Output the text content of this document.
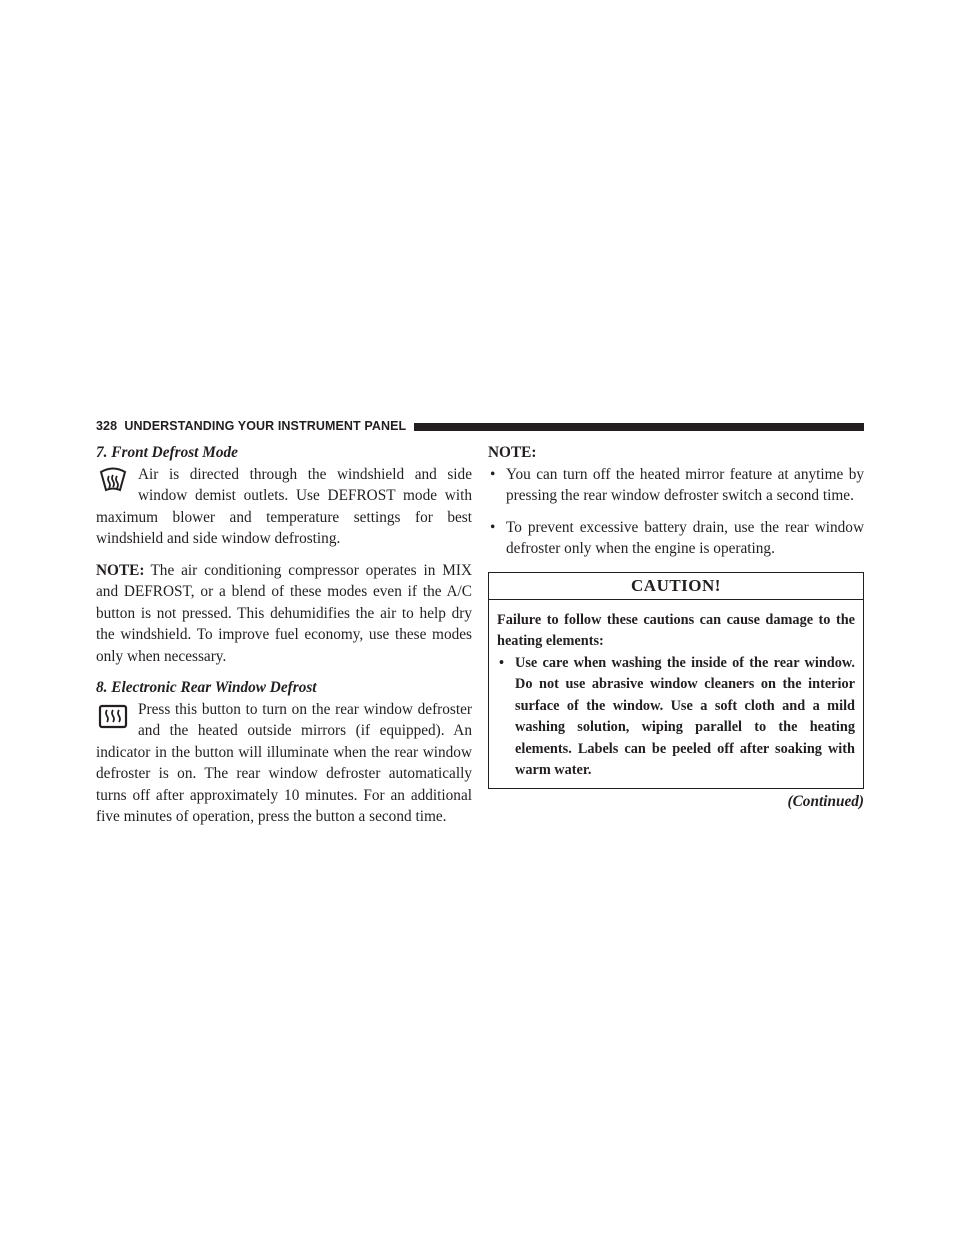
328 UNDERSTANDING YOUR INSTRUMENT PANEL

7. Front Defrost Mode

Air is directed through the windshield and side window demist outlets. Use DEFROST mode with maximum blower and temperature settings for best windshield and side window defrosting.

NOTE: The air conditioning compressor operates in MIX and DEFROST, or a blend of these modes even if the A/C button is not pressed. This dehumidifies the air to help dry the windshield. To improve fuel economy, use these modes only when necessary.

8. Electronic Rear Window Defrost

Press this button to turn on the rear window defroster and the heated outside mirrors (if equipped). An indicator in the button will illuminate when the rear window defroster is on. The rear window defroster automatically turns off after approximately 10 minutes. For an additional five minutes of operation, press the button a second time.

NOTE:

• You can turn off the heated mirror feature at anytime by pressing the rear window defroster switch a second time.
• To prevent excessive battery drain, use the rear window defroster only when the engine is operating.
CAUTION!

Failure to follow these cautions can cause damage to the heating elements:

• Use care when washing the inside of the rear window. Do not use abrasive window cleaners on the interior surface of the window. Use a soft cloth and a mild washing solution, wiping parallel to the heating elements. Labels can be peeled off after soaking with warm water.
(Continued)
